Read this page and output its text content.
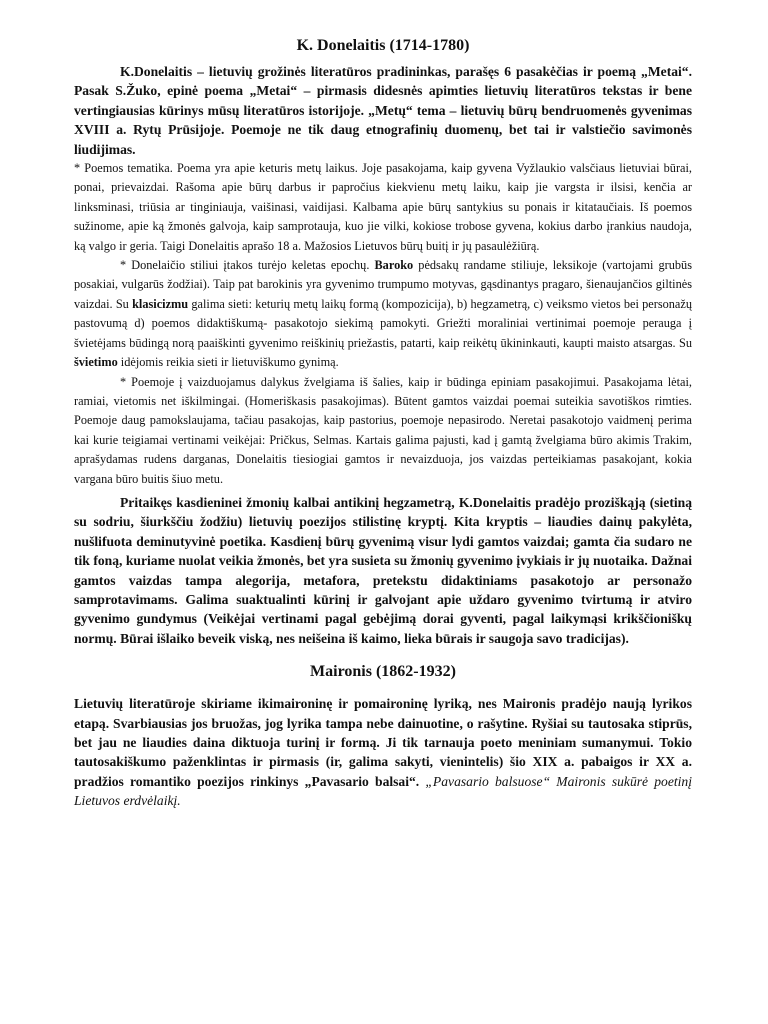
K. Donelaitis (1714-1780)

K.Donelaitis – lietuvių grožinės literatūros pradininkas, parašęs 6 pasakėčias ir poemą „Metai“. Pasak S.Žuko, epinė poema „Metai“ – pirmasis didesnės apimties lietuvių literatūros tekstas ir bene vertingiausias kūrinys mūsų literatūros istorijoje. „Metų“ tema – lietuvių būrų bendruomenės gyvenimas XVIII a. Rytų Prūsijoje. Poemoje ne tik daug etnografinių duomenų, bet tai ir valstiečio savimonės liudijimas.

* Poemos tematika. Poema yra apie keturis metų laikus. Joje pasakojama, kaip gyvena Vyžlaukio valsčiaus lietuviai būrai, ponai, prievaizdai. Rašoma apie būrų darbus ir papročius kiekvienu metų laiku, kaip jie vargsta ir ilsisi, kenčia ar linksminasi, triūsia ar tinginiauja, vaišinasi, vaidijasi. Kalbama apie būrų santykius su ponais ir kitataučiais. Iš poemos sužinome, apie ką žmonės galvoja, kaip samprotauja, kuo jie vilki, kokiose trobose gyvena, kokius darbo įrankius naudoja, ką valgo ir geria. Taigi Donelaitis aprašo 18 a. Mažosios Lietuvos būrų buitį ir jų pasaulėžiūrą.

* Donelaičio stiliui įtakos turėjo keletas epochų. Baroko pėdsakų randame stiliuje, leksikoje (vartojami grubūs posakiai, vulgarūs žodžiai). Taip pat barokinis yra gyvenimo trumpumo motyvas, gąsdinantys pragaro, šienaujančios giltinės vaizdai. Su klasicizmu galima sieti: keturių metų laikų formą (kompozicija), b) hegzametrą, c) veiksmo vietos bei personažų pastovumą d) poemos didaktiškumą- pasakotojo siekimą pamokyti. Griežti moraliniai vertinimai poemoje perauga į švietėjams būdingą norą paaiškinti gyvenimo reiškinių priežastis, patarti, kaip reikėtų ūkininkauti, kaupti maisto atsargas. Su švietimo idėjomis reikia sieti ir lietuviškumo gynimą.

* Poemoje į vaizduojamus dalykus žvelgiama iš šalies, kaip ir būdinga epiniam pasakojimui. Pasakojama lėtai, ramiai, vietomis net iškilmingai. (Homeriškasis pasakojimas). Būtent gamtos vaizdai poemai suteikia savotiškos rimties. Poemoje daug pamokslaujama, tačiau pasakojas, kaip pastorius, poemoje nepasirodo. Neretai pasakotojo vaidmenį perima kai kurie teigiamai vertinami veikėjai: Pričkus, Selmas. Kartais galima pajusti, kad į gamtą žvelgiama būro akimis Trakim, aprašydamas rudens darganas, Donelaitis tiesiogiai gamtos ir nevaizduoja, jos vaizdas perteikiamas pasakojant, kokia vargana būro buitis šiuo metu.

Pritaikęs kasdieninei žmonių kalbai antikinį hegzametrą, K.Donelaitis pradėjo proziškąją (sietiną su sodriu, šiurkščiu žodžiu) lietuvių poezijos stilistinę kryptį. Kita kryptis – liaudies dainų pakylėta, nušlifuota deminutyvinė poetika. Kasdienį būrų gyvenimą visur lydi gamtos vaizdai; gamta čia sudaro ne tik foną, kuriame nuolat veikia žmonės, bet yra susieta su žmonių gyvenimo įvykiais ir jų nuotaika. Dažnai gamtos vaizdas tampa alegorija, metafora, pretekstu didaktiniams pasakotojo ar personažo samprotavimams. Galima suaktualinti kūrinį ir galvojant apie uždaro gyvenimo tvirtumą ir atviro gyvenimo gundymus (Veikėjai vertinami pagal gebėjimą dorai gyventi, pagal laikymąsi krikščioniškų normų. Būrai išlaiko beveik viską, nes neišeina iš kaimo, lieka būrais ir saugoja savo tradicijas).

Maironis (1862-1932)

Lietuvių literatūroje skiriame ikimaironinę ir pomaironinę lyriką, nes Maironis pradėjo naują lyrikos etapą. Svarbiausias jos bruožas, jog lyrika tampa nebe dainuotine, o rašytine. Ryšiai su tautosaka stiprūs, bet jau ne liaudies daina diktuoja turinį ir formą. Ji tik tarnauja poeto meniniam sumanymui. Tokio tautosakiškumo paženklintas ir pirmasis (ir, galima sakyti, vienintelis) šio XIX a. pabaigos ir XX a. pradžios romantiko poezijos rinkinys „Pavasario balsai“. „Pavasario balsuose“ Maironis sukūrė poetinį Lietuvos erdvėlaikį.
